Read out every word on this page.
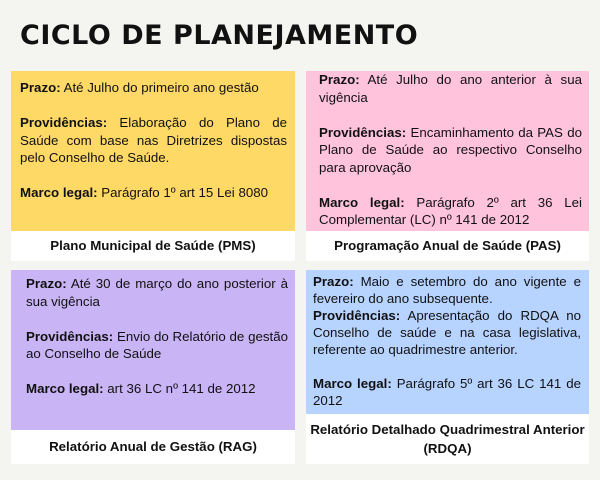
CICLO DE PLANEJAMENTO

Prazo: Até Julho do primeiro ano gestão

Providências: Elaboração do Plano de Saúde com base nas Diretrizes dispostas pelo Conselho de Saúde.

Marco legal: Parágrafo 1º art 15 Lei 8080

Plano Municipal de Saúde (PMS)

Prazo: Até Julho do ano anterior à sua vigência

Providências: Encaminhamento da PAS do Plano de Saúde ao respectivo Conselho para aprovação

Marco legal: Parágrafo 2º art 36 Lei Complementar (LC) nº 141 de 2012

Programação Anual de Saúde (PAS)

Prazo: Até 30 de março do ano posterior à sua vigência

Providências: Envio do Relatório de gestão ao Conselho de Saúde

Marco legal: art 36 LC nº 141 de 2012

Relatório Anual de Gestão (RAG)

Prazo: Maio e setembro do ano vigente e fevereiro do ano subsequente.

Providências: Apresentação do RDQA no Conselho de saúde e na casa legislativa, referente ao quadrimestre anterior.

Marco legal: Parágrafo 5º art 36 LC 141 de 2012

Relatório Detalhado Quadrimestral Anterior (RDQA)
